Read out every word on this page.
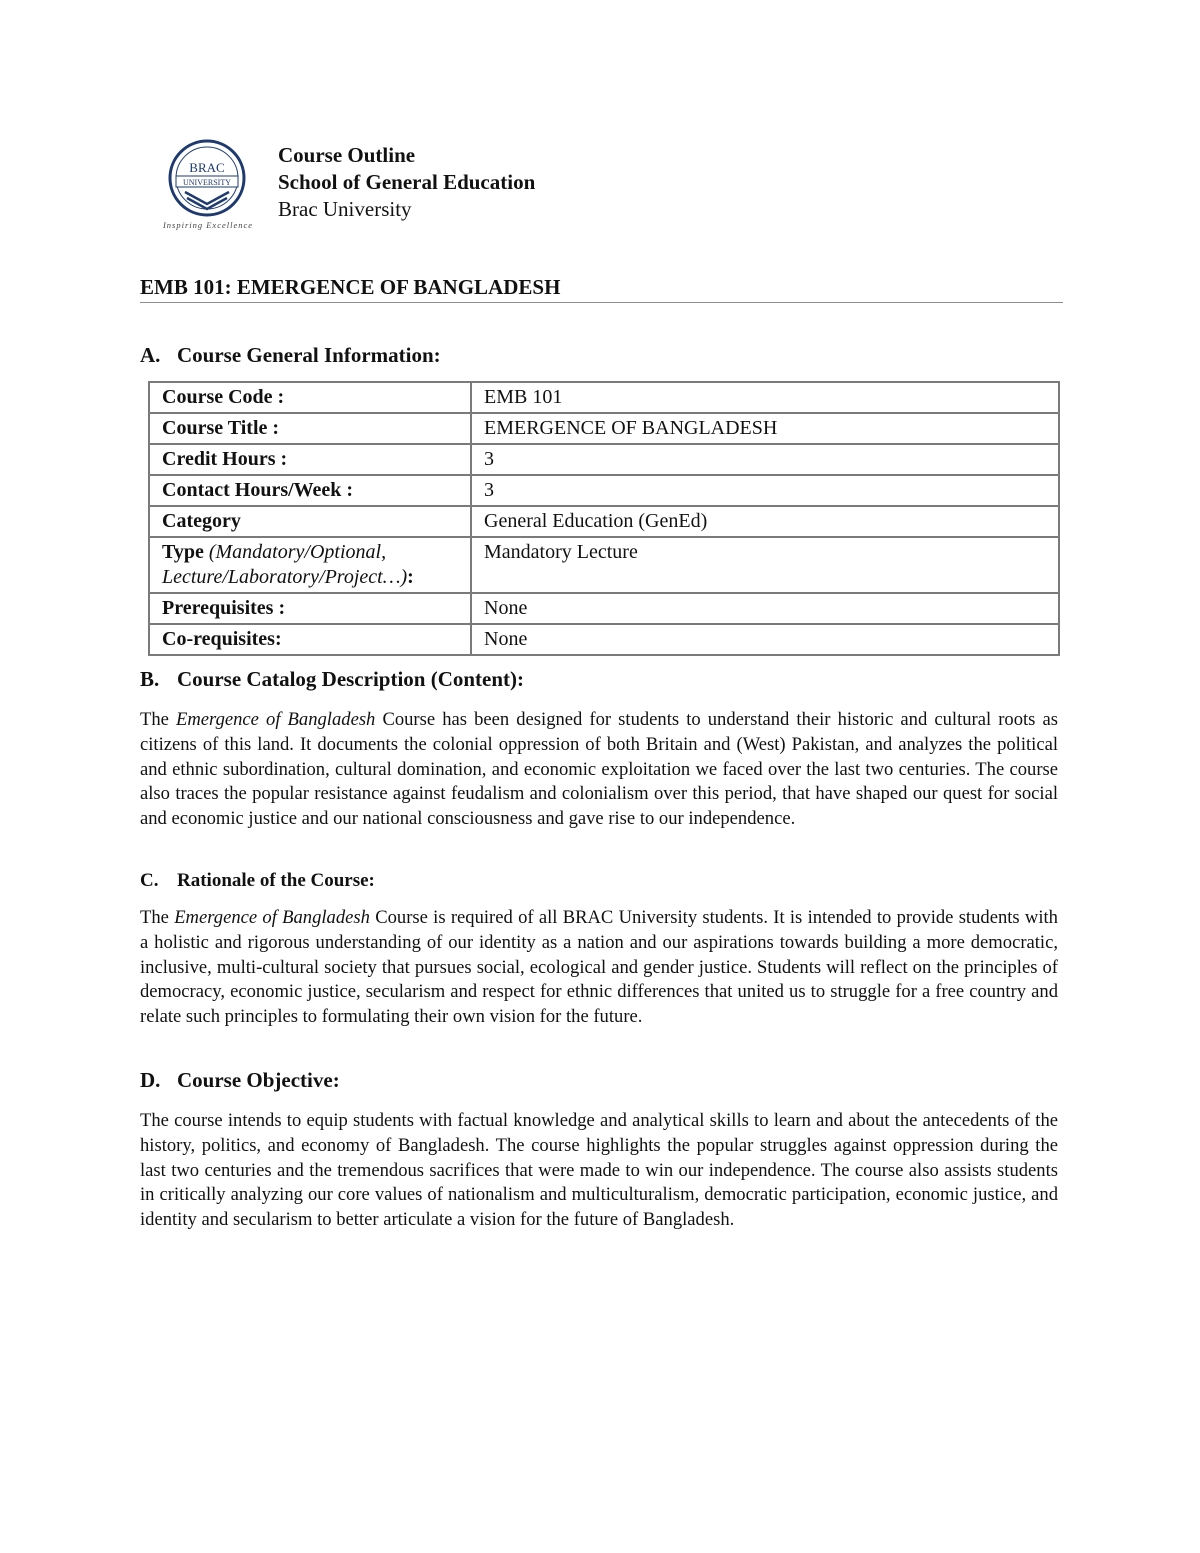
BRAC
UNIVERSITY
Inspiring Excellence
Course Outline
School of General Education
Brac University
EMB 101: EMERGENCE OF BANGLADESH
A. Course General Information:
Course Code :	EMB 101
Course Title :	EMERGENCE OF BANGLADESH
Credit Hours :	3
Contact Hours/Week :	3
Category	General Education (GenEd)
Type (Mandatory/Optional, Lecture/Laboratory/Project…):	Mandatory Lecture
Prerequisites :	None
Co-requisites:	None
B. Course Catalog Description (Content):
The Emergence of Bangladesh Course has been designed for students to understand their historic and cultural roots as citizens of this land. It documents the colonial oppression of both Britain and (West) Pakistan, and analyzes the political and ethnic subordination, cultural domination, and economic exploitation we faced over the last two centuries. The course also traces the popular resistance against feudalism and colonialism over this period, that have shaped our quest for social and economic justice and our national consciousness and gave rise to our independence.
C. Rationale of the Course:
The Emergence of Bangladesh Course is required of all BRAC University students. It is intended to provide students with a holistic and rigorous understanding of our identity as a nation and our aspirations towards building a more democratic, inclusive, multi-cultural society that pursues social, ecological and gender justice. Students will reflect on the principles of democracy, economic justice, secularism and respect for ethnic differences that united us to struggle for a free country and relate such principles to formulating their own vision for the future.
D. Course Objective:
The course intends to equip students with factual knowledge and analytical skills to learn and about the antecedents of the history, politics, and economy of Bangladesh. The course highlights the popular struggles against oppression during the last two centuries and the tremendous sacrifices that were made to win our independence. The course also assists students in critically analyzing our core values of nationalism and multiculturalism, democratic participation, economic justice, and identity and secularism to better articulate a vision for the future of Bangladesh.
